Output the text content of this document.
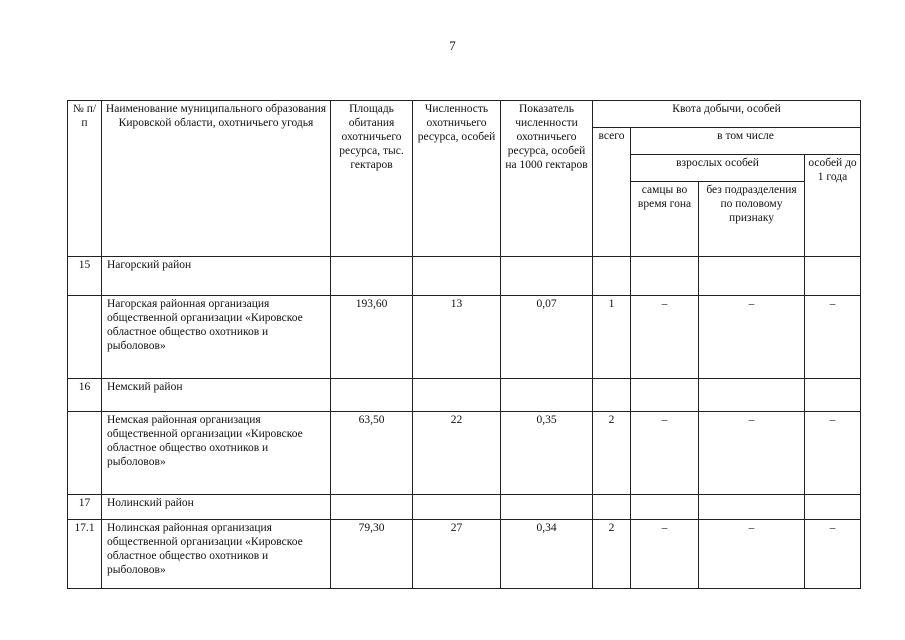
7
№ п/п	Наименование муниципального образования Кировской области, охотничьего угодья	Площадь обитания охотничьего ресурса, тыс. гектаров	Численность охотничьего ресурса, особей	Показатель численности охотничьего ресурса, особей на 1000 гектаров	Квота добычи, особей			
					всего	в том числе		
						взрослых особей		особей до 1 года
						самцы во время гона	без подразделения по половому признаку	
15	Нагорский район							
	Нагорская районная организация общественной организации «Кировское областное общество охотников и рыболовов»	193,60	13	0,07	1	–	–	–
16	Немский район							
	Немская районная организация общественной организации «Кировское областное общество охотников и рыболовов»	63,50	22	0,35	2	–	–	–
17	Нолинский район							
17.1	Нолинская районная организация общественной организации «Кировское областное общество охотников и рыболовов»	79,30	27	0,34	2	–	–	–
